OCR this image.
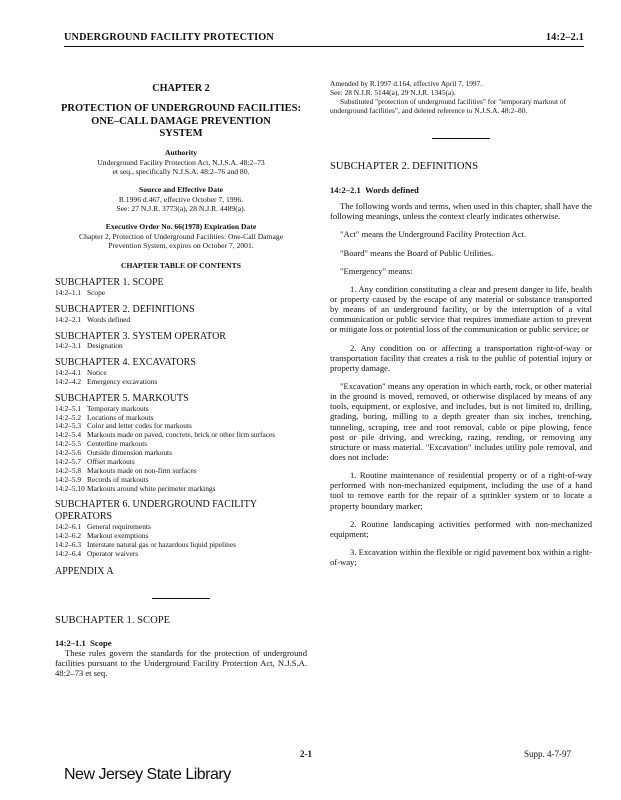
UNDERGROUND FACILITY PROTECTION	14:2–2.1

CHAPTER 2

PROTECTION OF UNDERGROUND FACILITIES:

ONE–CALL DAMAGE PREVENTION

SYSTEM

Authority

Underground Facility Protection Act, N.J.S.A. 48:2–73

et seq., specifically N.J.S.A. 48:2–76 and 80.

Source and Effective Date

R.1996 d.467, effective October 7, 1996.

See: 27 N.J.R. 3773(a), 28 N.J.R. 4489(a).

Executive Order No. 66(1978) Expiration Date

Chapter 2, Protection of Underground Facilities: One-Call Damage

Prevention System, expires on October 7, 2001.

CHAPTER TABLE OF CONTENTS

SUBCHAPTER 1. SCOPE

14:2–1.1 Scope

SUBCHAPTER 2. DEFINITIONS

14:2–2.1 Words defined

SUBCHAPTER 3. SYSTEM OPERATOR

14:2–3.1 Designation

SUBCHAPTER 4. EXCAVATORS

14:2–4.1 Notice
14:2–4.2 Emergency excavations

SUBCHAPTER 5. MARKOUTS

14:2–5.1 Temporary markouts
14:2–5.2 Locations of markouts
14:2–5.3 Color and letter codes for markouts
14:2–5.4 Markouts made on paved, concrete, brick or other firm surfaces
14:2–5.5 Centerline markouts
14:2–5.6 Outside dimension markouts
14:2–5.7 Offset markouts
14:2–5.8 Markouts made on non-firm surfaces
14:2–5.9 Records of markouts
14:2–5.10 Markouts around white perimeter markings

SUBCHAPTER 6. UNDERGROUND FACILITY OPERATORS

14:2–6.1 General requirements
14:2–6.2 Markout exemptions
14:2–6.3 Interstate natural gas or hazardous liquid pipelines
14:2–6.4 Operator waivers

APPENDIX A

SUBCHAPTER 1. SCOPE

14:2–1.1 Scope

These rules govern the standards for the protection of underground facilities pursuant to the Underground Facility Protection Act, N.J.S.A. 48:2–73 et seq.

Amended by R.1997 d.164, effective April 7, 1997.

See: 28 N.J.R. 5144(a), 29 N.J.R. 1345(a).

Substituted "protection of underground facilities" for "temporary markout of underground facilities", and deleted reference to N.J.S.A. 48:2–80.

SUBCHAPTER 2. DEFINITIONS

14:2–2.1 Words defined

The following words and terms, when used in this chapter, shall have the following meanings, unless the context clearly indicates otherwise.

"Act" means the Underground Facility Protection Act.

"Board" means the Board of Public Utilities.

"Emergency" means:

1. Any condition constituting a clear and present danger to life, health or property caused by the escape of any material or substance transported by means of an underground facility, or by the interruption of a vital communication or public service that requires immediate action to prevent or mitigate loss or potential loss of the communication or public service; or

2. Any condition on or affecting a transportation right-of-way or transportation facility that creates a risk to the public of potential injury or property damage.

"Excavation" means any operation in which earth, rock, or other material in the ground is moved, removed, or otherwise displaced by means of any tools, equipment, or explosive, and includes, but is not limited to, drilling, grading, boring, milling to a depth greater than six inches, trenching, tunneling, scraping, tree and root removal, cable or pipe plowing, fence post or pile driving, and wrecking, razing, rending, or removing any structure or mass material. "Excavation" includes utility pole removal, and does not include:

1. Routine maintenance of residential property or of a right-of-way performed with non-mechanized equipment, including the use of a hand tool to remove earth for the repair of a sprinkler system or to locate a property boundary marker;

2. Routine landscaping activities performed with non-mechanized equipment;

3. Excavation within the flexible or rigid pavement box within a right-of-way;

2-1	Supp. 4-7-97
New Jersey State Library
